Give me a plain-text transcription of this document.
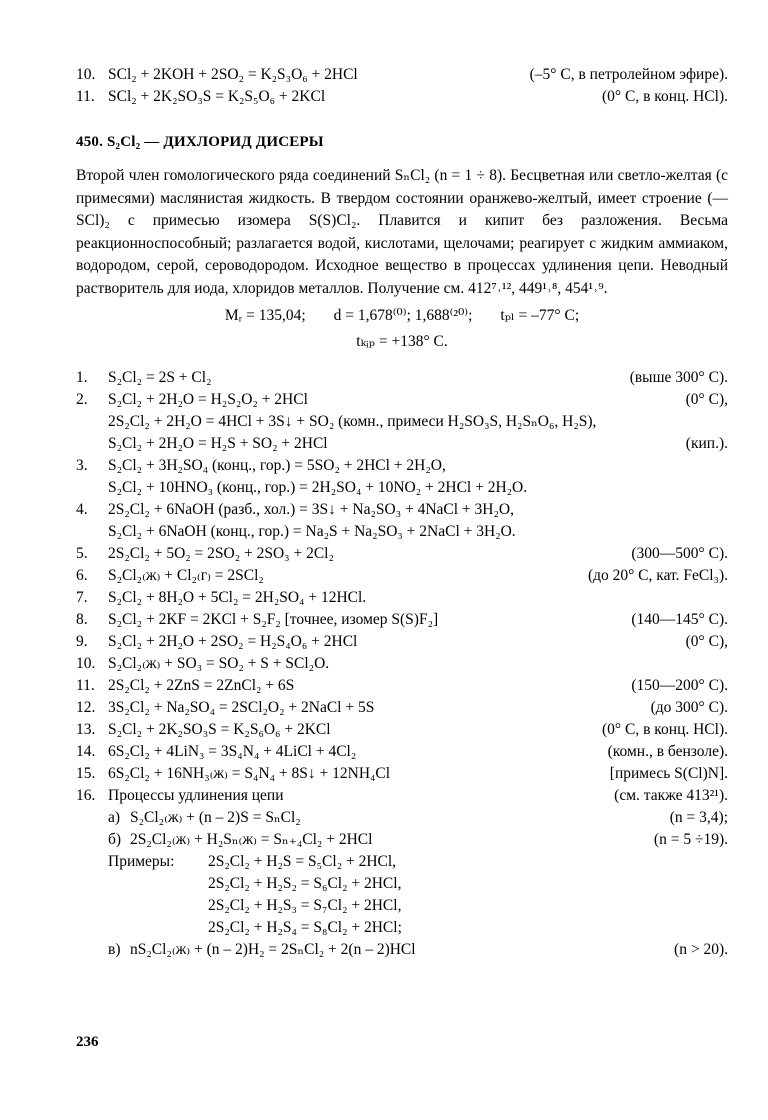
10. SCl₂ + 2KOH + 2SO₂ = K₂S₃O₆ + 2HCl	(–5° C, в петролейном эфире).
11. SCl₂ + 2K₂SO₃S = K₂S₅O₆ + 2KCl	(0° C, в конц. HCl).
450. S₂Cl₂ — ДИХЛОРИД ДИСЕРЫ

Второй член гомологического ряда соединений SₙCl₂ (n = 1 ÷ 8). Бесцветная или светло-желтая (с примесями) маслянистая жидкость. В твердом состоянии оранжево-желтый, имеет строение (—SCl)₂ с примесью изомера S(S)Cl₂. Плавится и кипит без разложения. Весьма реакционноспособный; разлагается водой, кислотами, щелочами; реагирует с жидким аммиаком, водородом, серой, сероводородом. Исходное вещество в процессах удлинения цепи. Неводный растворитель для иода, хлоридов металлов. Получение см. 412⁷˒¹², 449¹˒⁸, 454¹˒⁹.

Mᵣ = 135,04; d = 1,678⁽⁰⁾; 1,688⁽²⁰⁾; tₚₗ = –77° C;
tₖᵢₚ = +138° C.
1.	S₂Cl₂ = 2S + Cl₂	(выше 300° C).
2.	S₂Cl₂ + 2H₂O = H₂S₂O₂ + 2HCl	(0° C),
2S₂Cl₂ + 2H₂O = 4HCl + 3S↓ + SO₂ (комн., примеси H₂SO₃S, H₂SₙO₆, H₂S),
S₂Cl₂ + 2H₂O = H₂S + SO₂ + 2HCl	(кип.).
3.	S₂Cl₂ + 3H₂SO₄ (конц., гор.) = 5SO₂ + 2HCl + 2H₂O,
S₂Cl₂ + 10HNO₃ (конц., гор.) = 2H₂SO₄ + 10NO₂ + 2HCl + 2H₂O.
4.	2S₂Cl₂ + 6NaOH (разб., хол.) = 3S↓ + Na₂SO₃ + 4NaCl + 3H₂O,
S₂Cl₂ + 6NaOH (конц., гор.) = Na₂S + Na₂SO₃ + 2NaCl + 3H₂O.
5.	2S₂Cl₂ + 5O₂ = 2SO₂ + 2SO₃ + 2Cl₂	(300—500° C).
6.	S₂Cl₂₍ж₎ + Cl₂₍г₎ = 2SCl₂	(до 20° C, кат. FeCl₃).
7.	S₂Cl₂ + 8H₂O + 5Cl₂ = 2H₂SO₄ + 12HCl.
8.	S₂Cl₂ + 2KF = 2KCl + S₂F₂ [точнее, изомер S(S)F₂]	(140—145° C).
9.	S₂Cl₂ + 2H₂O + 2SO₂ = H₂S₄O₆ + 2HCl	(0° C),
10. S₂Cl₂₍ж₎ + SO₃ = SO₂ + S + SCl₂O.
11. 2S₂Cl₂ + 2ZnS = 2ZnCl₂ + 6S	(150—200° C).
12. 3S₂Cl₂ + Na₂SO₄ = 2SCl₂O₂ + 2NaCl + 5S	(до 300° C).
13. S₂Cl₂ + 2K₂SO₃S = K₂S₆O₆ + 2KCl	(0° C, в конц. HCl).
14. 6S₂Cl₂ + 4LiN₃ = 3S₄N₄ + 4LiCl + 4Cl₂	(комн., в бензоле).
15. 6S₂Cl₂ + 16NH₃₍ж₎ = S₄N₄ + 8S↓ + 12NH₄Cl	[примесь S(Cl)N].
16. Процессы удлинения цепи	(см. также 413²¹).
а) S₂Cl₂₍ж₎ + (n – 2)S = SₙCl₂	(n = 3,4);
б) 2S₂Cl₂₍ж₎ + H₂Sₙ₍ж₎ = Sₙ₊₄Cl₂ + 2HCl	(n = 5 ÷19).
Примеры:	2S₂Cl₂ + H₂S = S₅Cl₂ + 2HCl,
2S₂Cl₂ + H₂S₂ = S₆Cl₂ + 2HCl,
2S₂Cl₂ + H₂S₃ = S₇Cl₂ + 2HCl,
2S₂Cl₂ + H₂S₄ = S₈Cl₂ + 2HCl;
в) nS₂Cl₂₍ж₎ + (n – 2)H₂ = 2SₙCl₂ + 2(n – 2)HCl	(n > 20).
236
